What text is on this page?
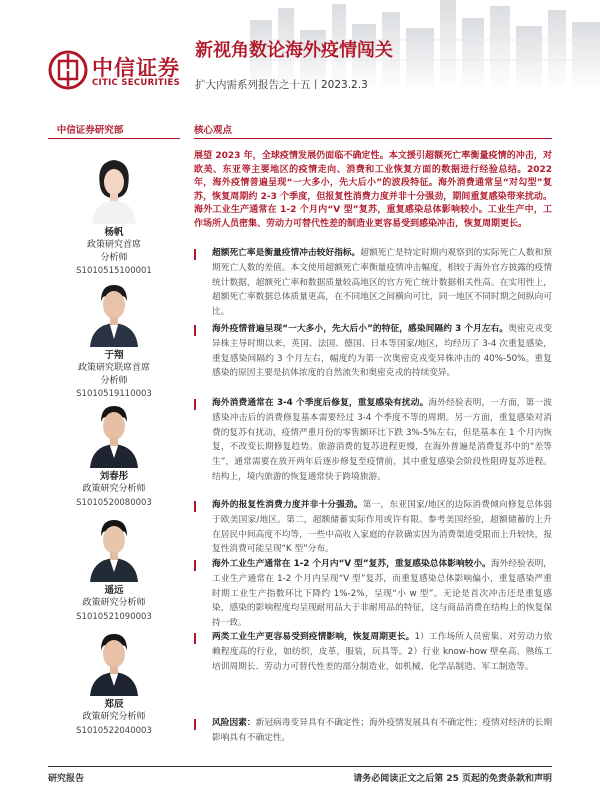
中信证券
CITIC SECURITIES
新视角数论海外疫情闯关
扩大内需系列报告之十五丨2023.2.3
中信证券研究部	核心观点
杨帆
政策研究首席
分析师
S1010515100001
于翔
政策研究联席首席
分析师
S1010519110003
刘春彤
政策研究分析师
S1010520080003
遥远
政策研究分析师
S1010521090003
郑辰
政策研究分析师
S1010522040003
展望 2023 年，全球疫情发展仍面临不确定性。本文援引超额死亡率衡量疫情的冲击，对欧美、东亚等主要地区的疫情走向、消费和工业恢复方面的数据进行经验总结。2022 年，海外疫情普遍呈现“一大多小，先大后小”的波段特征。海外消费通常呈“对勾型”复苏，恢复周期约 2-3 个季度，但报复性消费力度并非十分强劲，期间重复感染带来扰动。海外工业生产通常在 1-2 个月内“V 型”复苏，重复感染总体影响较小。工业生产中，工作场所人员密集、劳动力可替代性差的制造业更容易受到感染冲击，恢复周期更长。
超额死亡率是衡量疫情冲击较好指标。超额死亡是特定时期内观察到的实际死亡人数和预期死亡人数的差值。本文使用超额死亡率衡量疫情冲击幅度，相较于海外官方披露的疫情统计数据，超额死亡率和数据质量较高地区的官方死亡统计数据相关性高。在实用性上，超额死亡率数据总体质量更高，在不同地区之间横向可比，同一地区不同时期之间纵向可比。
海外疫情普遍呈现“一大多小，先大后小”的特征，感染间隔约 3 个月左右。奥密克戎变异株主导时期以来，英国、法国、德国、日本等国家/地区，均经历了 3-4 次重复感染，重复感染间隔约 3 个月左右，幅度约为第一次奥密克戎变异株冲击的 40%-50%。重复感染的原因主要是抗体浓度的自然流失和奥密克戎的持续变异。
海外消费通常在 3-4 个季度后修复，重复感染有扰动。海外经验表明，一方面，第一波感染冲击后的消费修复基本需要经过 3-4 个季度不等的周期。另一方面，重复感染对消费的复苏有扰动，疫情严重月份的零售额环比下跌 3%-5%左右，但是基本在 1 个月内恢复，不改变长期修复趋势。旅游消费的复苏进程更慢，在海外普遍是消费复苏中的“差等生”，通常需要在放开两年后逐步修复至疫情前，其中重复感染会阶段性阻碍复苏进程。结构上，境内旅游的恢复通常快于跨境旅游。
海外的报复性消费力度并非十分强劲。第一，东亚国家/地区的边际消费倾向修复总体弱于欧美国家/地区。第二，超额储蓄实际作用或许有限。参考美国经验，超额储蓄的上升在居民中间高度不均等，一些中高收入家庭的存款确实因为消费渠道受限而上升较快，报复性消费可能呈现“K 型”分布。
海外工业生产通常在 1-2 个月内“V 型”复苏，重复感染总体影响较小。海外经验表明，工业生产通常在 1-2 个月内呈现“V 型”复苏，而重复感染总体影响偏小，重复感染严重时期工业生产指数环比下降约 1%-2%，呈现“小 w 型”。无论是首次冲击还是重复感染，感染的影响程度均呈现耐用品大于非耐用品的特征，这与商品消费在结构上的恢复保持一致。
两类工业生产更容易受到疫情影响，恢复周期更长。1）工作场所人员密集、对劳动力依赖程度高的行业，如纺织，皮革，服装，玩具等。2）行业 know-how 壁垒高、熟练工培训周期长、劳动力可替代性差的部分制造业，如机械、化学品制造、军工制造等。
风险因素：新冠病毒变异具有不确定性；海外疫情发展具有不确定性；疫情对经济的长期影响具有不确定性。
研究报告	请务必阅读正文之后第 25 页起的免责条款和声明
